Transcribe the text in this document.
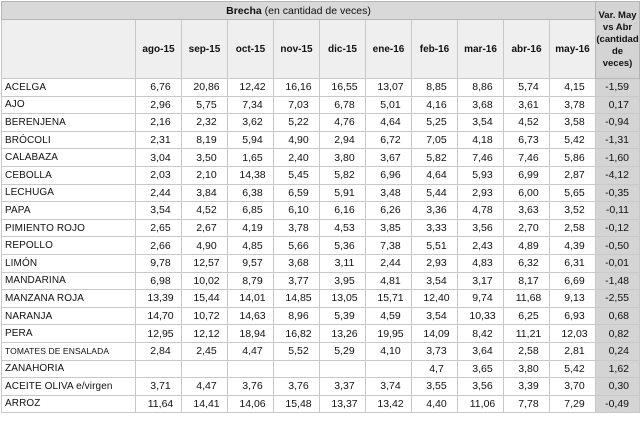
Brecha (en cantidad de veces)											Var. May vs Abr (cantidad de veces)
	ago-15	sep-15	oct-15	nov-15	dic-15	ene-16	feb-16	mar-16	abr-16	may-16	
ACELGA	6,76	20,86	12,42	16,16	16,55	13,07	8,85	8,86	5,74	4,15	-1,59
AJO	2,96	5,75	7,34	7,03	6,78	5,01	4,16	3,68	3,61	3,78	0,17
BERENJENA	2,16	2,32	3,62	5,22	4,76	4,64	5,25	3,54	4,52	3,58	-0,94
BRÓCOLI	2,31	8,19	5,94	4,90	2,94	6,72	7,05	4,18	6,73	5,42	-1,31
CALABAZA	3,04	3,50	1,65	2,40	3,80	3,67	5,82	7,46	7,46	5,86	-1,60
CEBOLLA	2,03	2,10	14,38	5,45	5,82	6,96	4,64	5,93	6,99	2,87	-4,12
LECHUGA	2,44	3,84	6,38	6,59	5,91	3,48	5,44	2,93	6,00	5,65	-0,35
PAPA	3,54	4,52	6,85	6,10	6,16	6,26	3,36	4,78	3,63	3,52	-0,11
PIMIENTO ROJO	2,65	2,67	4,19	3,78	4,53	3,85	3,33	3,56	2,70	2,58	-0,12
REPOLLO	2,66	4,90	4,85	5,66	5,36	7,38	5,51	2,43	4,89	4,39	-0,50
LIMÓN	9,78	12,57	9,57	3,68	3,11	2,44	2,93	4,83	6,32	6,31	-0,01
MANDARINA	6,98	10,02	8,79	3,77	3,95	4,81	3,54	3,17	8,17	6,69	-1,48
MANZANA ROJA	13,39	15,44	14,01	14,85	13,05	15,71	12,40	9,74	11,68	9,13	-2,55
NARANJA	14,70	10,72	14,63	8,96	5,39	4,59	3,54	10,33	6,25	6,93	0,68
PERA	12,95	12,12	18,94	16,82	13,26	19,95	14,09	8,42	11,21	12,03	0,82
TOMATES DE ENSALADA	2,84	2,45	4,47	5,52	5,29	4,10	3,73	3,64	2,58	2,81	0,24
ZANAHORIA							4,7	3,65	3,80	5,42	1,62
ACEITE OLIVA e/virgen	3,71	4,47	3,76	3,76	3,37	3,74	3,55	3,56	3,39	3,70	0,30
ARROZ	11,64	14,41	14,06	15,48	13,37	13,42	4,40	11,06	7,78	7,29	-0,49
